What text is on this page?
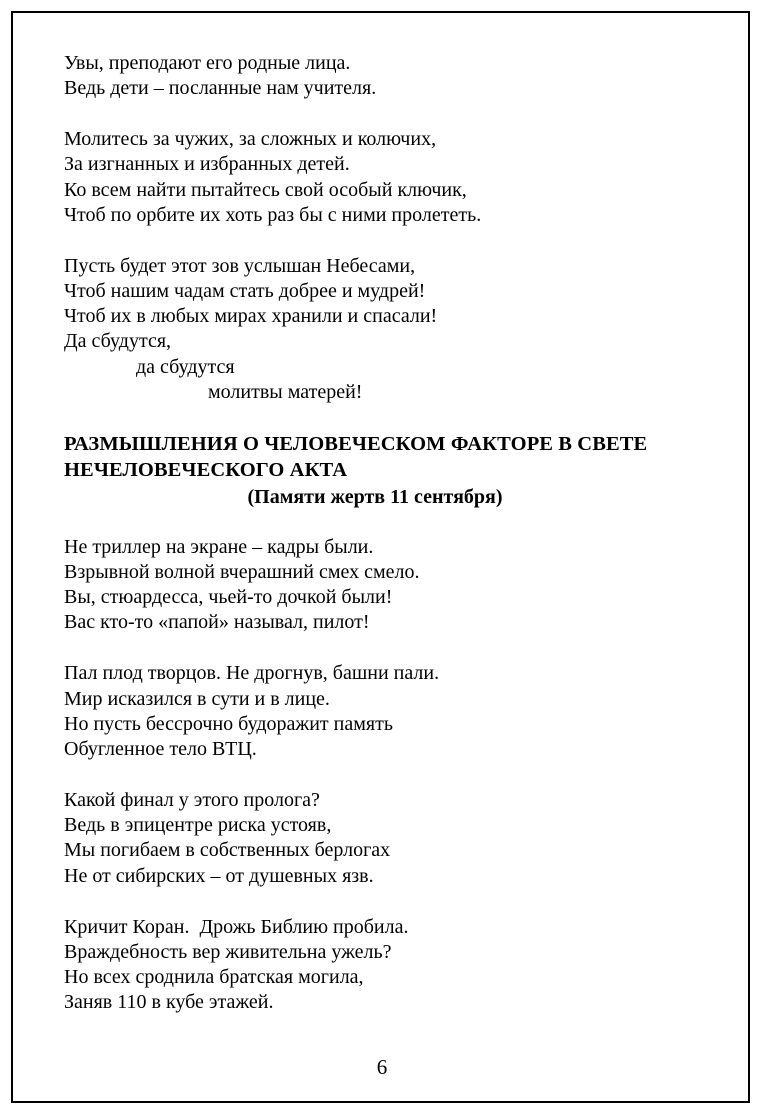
Увы, преподают его родные лица.
Ведь дети – посланные нам учителя.
Молитесь за чужих, за сложных и колючих,
За изгнанных и избранных детей.
Ко всем найти пытайтесь свой особый ключик,
Чтоб по орбите их хоть раз бы с ними пролететь.
Пусть будет этот зов услышан Небесами,
Чтоб нашим чадам стать добрее и мудрей!
Чтоб их в любых мирах хранили и спасали!
Да сбудутся,
да сбудутся
молитвы матерей!
РАЗМЫШЛЕНИЯ О ЧЕЛОВЕЧЕСКОМ ФАКТОРЕ В СВЕТЕ
НЕЧЕЛОВЕЧЕСКОГО АКТА
(Памяти жертв 11 сентября)
Не триллер на экране – кадры были.
Взрывной волной вчерашний смех смело.
Вы, стюардесса, чьей-то дочкой были!
Вас кто-то «папой» называл, пилот!
Пал плод творцов. Не дрогнув, башни пали.
Мир исказился в сути и в лице.
Но пусть бессрочно будоражит память
Обугленное тело ВТЦ.
Какой финал у этого пролога?
Ведь в эпицентре риска устояв,
Мы погибаем в собственных берлогах
Не от сибирских – от душевных язв.
Кричит Коран.  Дрожь Библию пробила.
Враждебность вер живительна ужель?
Но всех сроднила братская могила,
Заняв 110 в кубе этажей.
6
